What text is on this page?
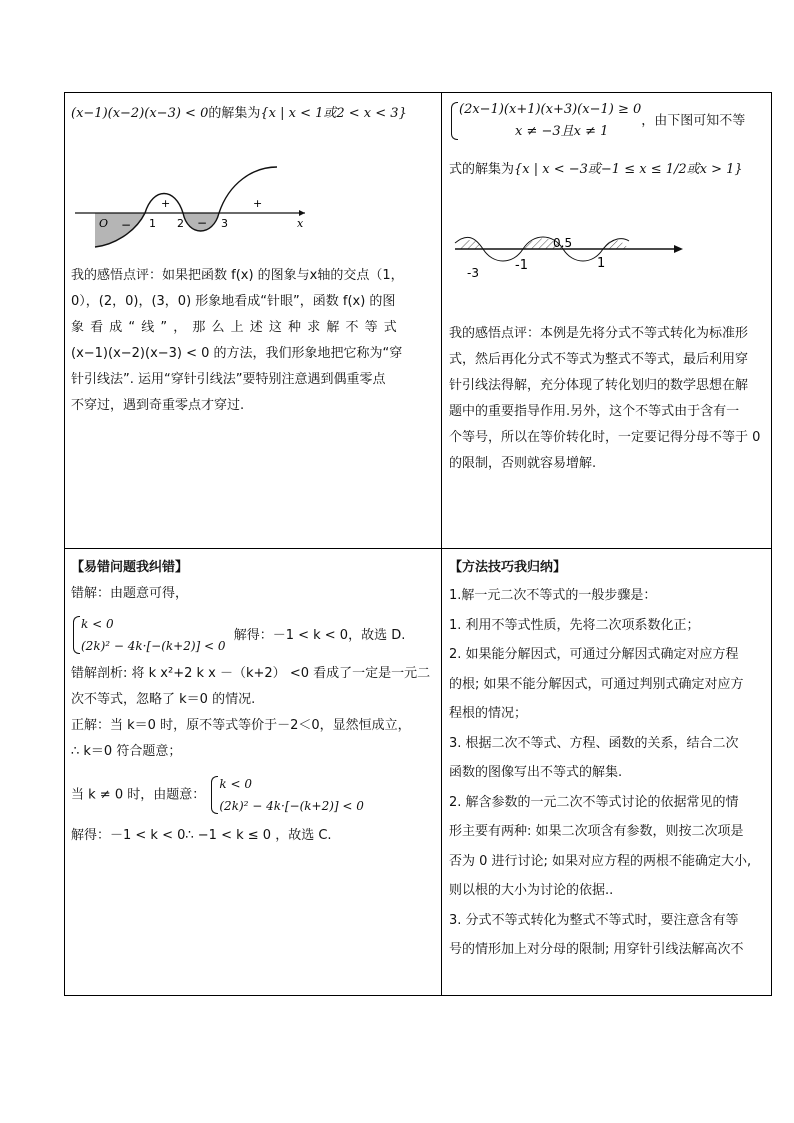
(x−1)(x−2)(x−3) < 0的解集为{x | x < 1或2 < x < 3}

O − 1
+
2 − 3
+
x

我的感悟点评：如果把函数 f(x) 的图象与x轴的交点（1，

0），(2，0)，(3，0) 形象地看成“针眼”，函数 f(x) 的图

象 看 成 “ 线 ” ， 那 么 上 述 这 种 求 解 不 等 式

(x−1)(x−2)(x−3) < 0 的方法，我们形象地把它称为“穿

针引线法”. 运用“穿针引线法”要特别注意遇到偶重零点

不穿过，遇到奇重零点才穿过.

(2x−1)(x+1)(x+3)(x−1) ≥ 0
x ≠ −3且x ≠ 1
，由下图可知不等

式的解集为{x | x < −3或−1 ≤ x ≤ 1/2或x > 1}

-3	-1
0.5
1

我的感悟点评：本例是先将分式不等式转化为标准形

式，然后再化分式不等式为整式不等式，最后利用穿

针引线法得解，充分体现了转化划归的数学思想在解

题中的重要指导作用.另外，这个不等式由于含有一

个等号，所以在等价转化时，一定要记得分母不等于 0

的限制，否则就容易增解.

【易错问题我纠错】

错解：由题意可得，

k < 0
(2k)² − 4k·[−(k+2)] < 0
解得：－1 < k < 0，故选 D.

错解剖析: 将 k x²+2 k x －（k+2） <0 看成了一定是一元二

次不等式，忽略了 k＝0 的情况.

正解：当 k＝0 时，原不等式等价于－2＜0，显然恒成立，

∴ k＝0 符合题意；

当 k ≠ 0 时，由题意：
k < 0
(2k)² − 4k·[−(k+2)] < 0

解得：－1 < k < 0∴ −1 < k ≤ 0 ，故选 C.

【方法技巧我归纳】

1.解一元二次不等式的一般步骤是：

1. 利用不等式性质，先将二次项系数化正；

2. 如果能分解因式，可通过分解因式确定对应方程

的根; 如果不能分解因式，可通过判别式确定对应方

程根的情况；

3. 根据二次不等式、方程、函数的关系，结合二次

函数的图像写出不等式的解集.

2. 解含参数的一元二次不等式讨论的依据常见的情

形主要有两种: 如果二次项含有参数，则按二次项是

否为 0 进行讨论; 如果对应方程的两根不能确定大小,

则以根的大小为讨论的依据..

3. 分式不等式转化为整式不等式时，要注意含有等

号的情形加上对分母的限制; 用穿针引线法解高次不
